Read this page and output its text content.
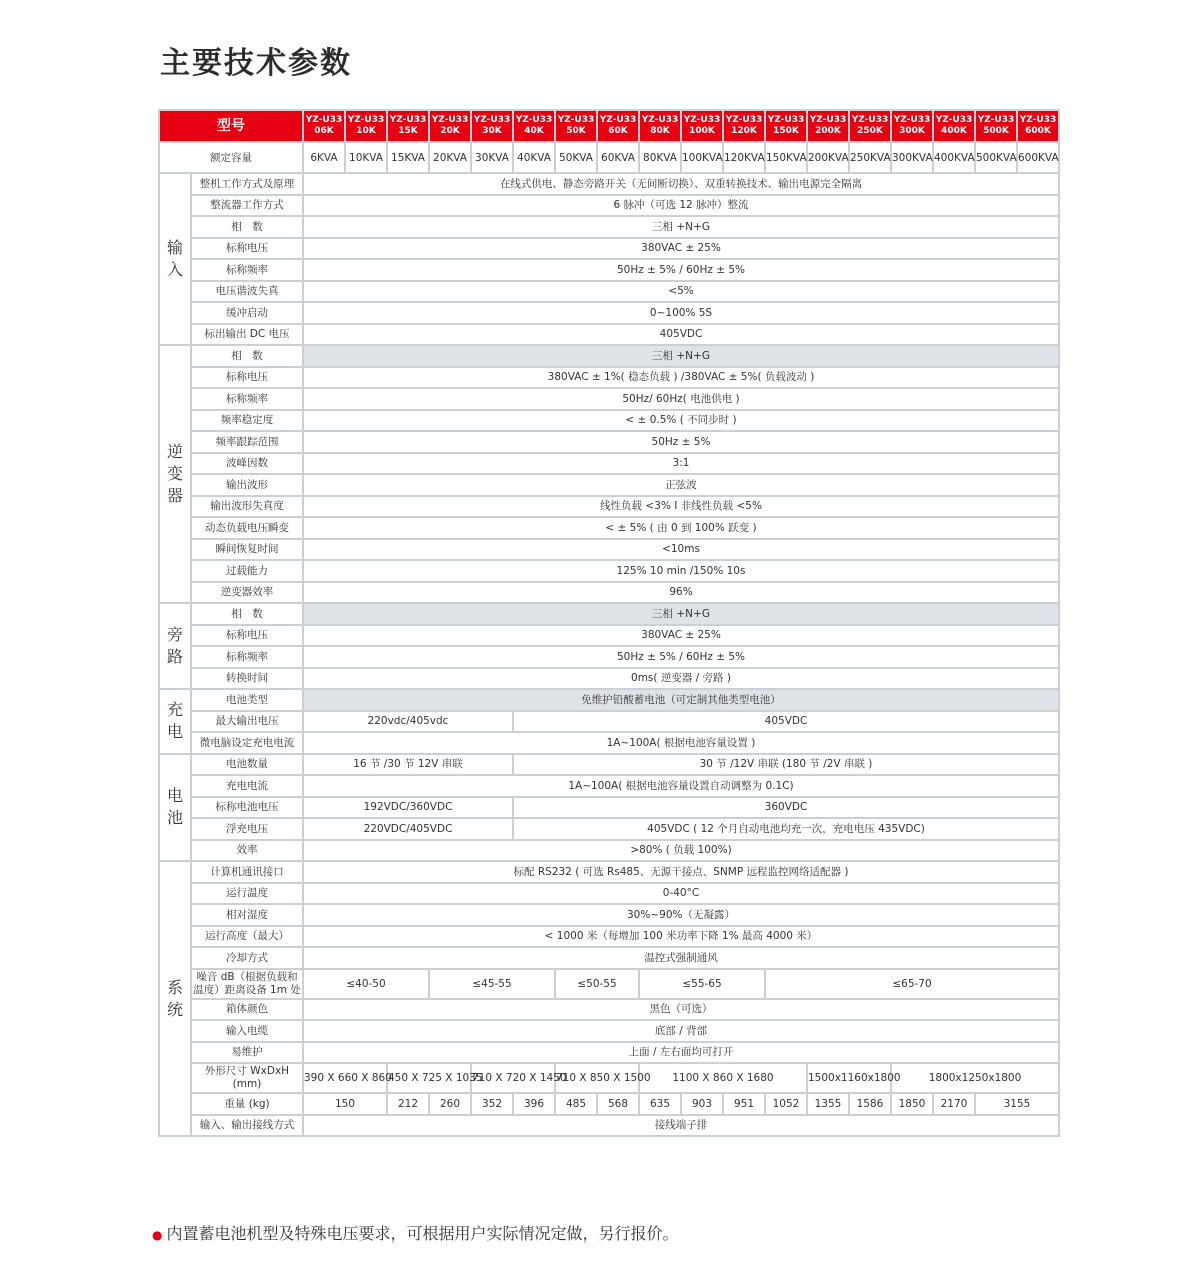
主要技术参数
型号		YZ-U33 06K	YZ-U33 10K	YZ-U33 15K	YZ-U33 20K	YZ-U33 30K	YZ-U33 40K	YZ-U33 50K	YZ-U33 60K	YZ-U33 80K	YZ-U33 100K	YZ-U33 120K	YZ-U33 150K	YZ-U33 200K	YZ-U33 250K	YZ-U33 300K	YZ-U33 400K	YZ-U33 500K	YZ-U33 600K
额定容量		6KVA	10KVA	15KVA	20KVA	30KVA	40KVA	50KVA	60KVA	80KVA	100KVA	120KVA	150KVA	200KVA	250KVA	300KVA	400KVA	500KVA	600KVA
输 入	整机工作方式及原理	在线式供电、静态旁路开关（无间断切换）、双重转换技术、输出电源完全隔离																	
	整流器工作方式	6 脉冲（可选 12 脉冲）整流																	
	相　数	三相 +N+G																	
	标称电压	380VAC ± 25%																	
	标称频率	50Hz ± 5% / 60Hz ± 5%																	
	电压谐波失真	<5%																	
	缓冲启动	0~100% 5S																	
	标出输出 DC 电压	405VDC																	
逆 变 器	相　数	三相 +N+G																	
	标称电压	380VAC ± 1%( 稳态负载 ) /380VAC ± 5%( 负载波动 )																	
	标称频率	50Hz/ 60Hz( 电池供电 )																	
	频率稳定度	< ± 0.5% ( 不同步时 )																	
	频率跟踪范围	50Hz ± 5%																	
	波峰因数	3:1																	
	输出波形	正弦波																	
	输出波形失真度	线性负载 <3% I 非线性负载 <5%																	
	动态负载电压瞬变	< ± 5% ( 由 0 到 100% 跃变 )																	
	瞬间恢复时间	<10ms																	
	过载能力	125% 10 min /150% 10s																	
	逆变器效率	96%																	
旁 路	相　数	三相 +N+G																	
	标称电压	380VAC ± 25%																	
	标称频率	50Hz ± 5% / 60Hz ± 5%																	
	转换时间	0ms( 逆变器 / 旁路 )																	
充 电	电池类型	免维护铅酸蓄电池（可定制其他类型电池）																	
	最大输出电压	220vdc/405vdc					405VDC												
	微电脑设定充电电流	1A~100A( 根据电池容量设置 )																	
电 池	电池数量	16 节 /30 节 12V 串联					30 节 /12V 串联 (180 节 /2V 串联 )												
	充电电流	1A~100A( 根据电池容量设置自动调整为 0.1C)																	
	标称电池电压	192VDC/360VDC					360VDC												
	浮充电压	220VDC/405VDC					405VDC ( 12 个月自动电池均充一次，充电电压 435VDC)												
	效率	>80% ( 负载 100%)																	
系 统	计算机通讯接口	标配 RS232 ( 可选 Rs485、无源干接点、SNMP 远程监控网络适配器 )																	
	运行温度	0-40°C																	
	相对湿度	30%~90%（无凝露）																	
	运行高度（最大）	< 1000 米（每增加 100 米功率下降 1% 最高 4000 米）																	
	冷却方式	温控式强制通风																	
	噪音 dB（根据负载和温度）距离设备 1m 处	≤40-50			≤45-55			≤50-55		≤55-65			≤65-70						
	箱体颜色	黑色（可选）																	
	输入电缆	底部 / 背部																	
	易维护	上面 / 左右面均可打开																	
	外形尺寸 WxDxH (mm)	390 X 660 X 860		450 X 725 X 1035		710 X 720 X 1450		710 X 850 X 1500		1100 X 860 X 1680				1500x1160x1800		1800x1250x1800			
	重量 (kg)	150		212	260	352	396	485	568	635	903	951	1052	1355	1586	1850	2170	3155	
	输入、输出接线方式	接线端子排																	
● 内置蓄电池机型及特殊电压要求，可根据用户实际情况定做，另行报价。
